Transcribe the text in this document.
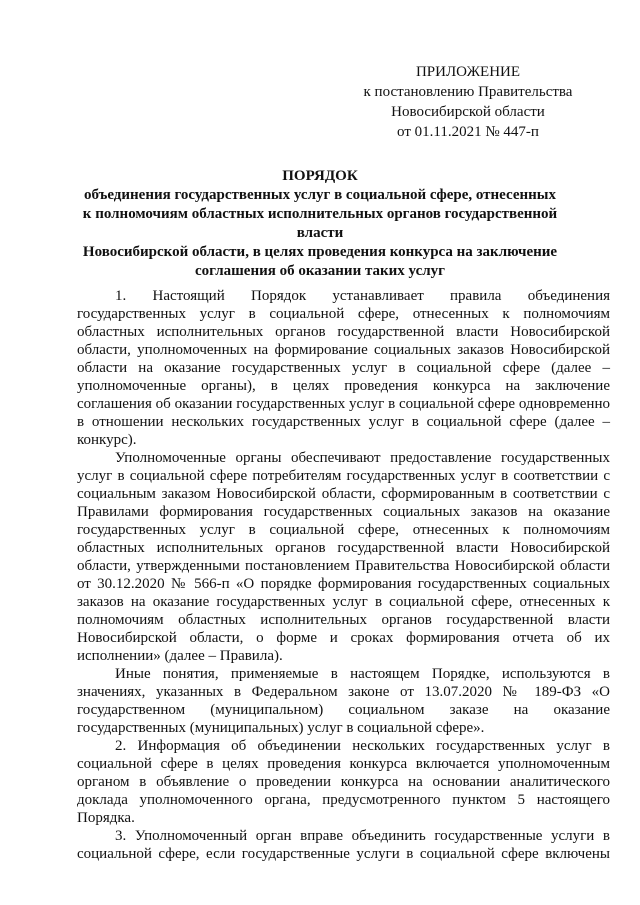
ПРИЛОЖЕНИЕ
к постановлению Правительства
Новосибирской области
от 01.11.2021 № 447-п
ПОРЯДОК
объединения государственных услуг в социальной сфере, отнесенных
к полномочиям областных исполнительных органов государственной власти
Новосибирской области, в целях проведения конкурса на заключение
соглашения об оказании таких услуг

1. Настоящий Порядок устанавливает правила объединения государственных услуг в социальной сфере, отнесенных к полномочиям областных исполнительных органов государственной власти Новосибирской области, уполномоченных на формирование социальных заказов Новосибирской области на оказание государственных услуг в социальной сфере (далее – уполномоченные органы), в целях проведения конкурса на заключение соглашения об оказании государственных услуг в социальной сфере одновременно в отношении нескольких государственных услуг в социальной сфере (далее – конкурс).

Уполномоченные органы обеспечивают предоставление государственных услуг в социальной сфере потребителям государственных услуг в соответствии с социальным заказом Новосибирской области, сформированным в соответствии с Правилами формирования государственных социальных заказов на оказание государственных услуг в социальной сфере, отнесенных к полномочиям областных исполнительных органов государственной власти Новосибирской области, утвержденными постановлением Правительства Новосибирской области от 30.12.2020 № 566-п «О порядке формирования государственных социальных заказов на оказание государственных услуг в социальной сфере, отнесенных к полномочиям областных исполнительных органов государственной власти Новосибирской области, о форме и сроках формирования отчета об их исполнении» (далее – Правила).

Иные понятия, применяемые в настоящем Порядке, используются в значениях, указанных в Федеральном законе от 13.07.2020 № 189-ФЗ «О государственном (муниципальном) социальном заказе на оказание государственных (муниципальных) услуг в социальной сфере».

2. Информация об объединении нескольких государственных услуг в социальной сфере в целях проведения конкурса включается уполномоченным органом в объявление о проведении конкурса на основании аналитического доклада уполномоченного органа, предусмотренного пунктом 5 настоящего Порядка.

3. Уполномоченный орган вправе объединить государственные услуги в социальной сфере, если государственные услуги в социальной сфере включены
